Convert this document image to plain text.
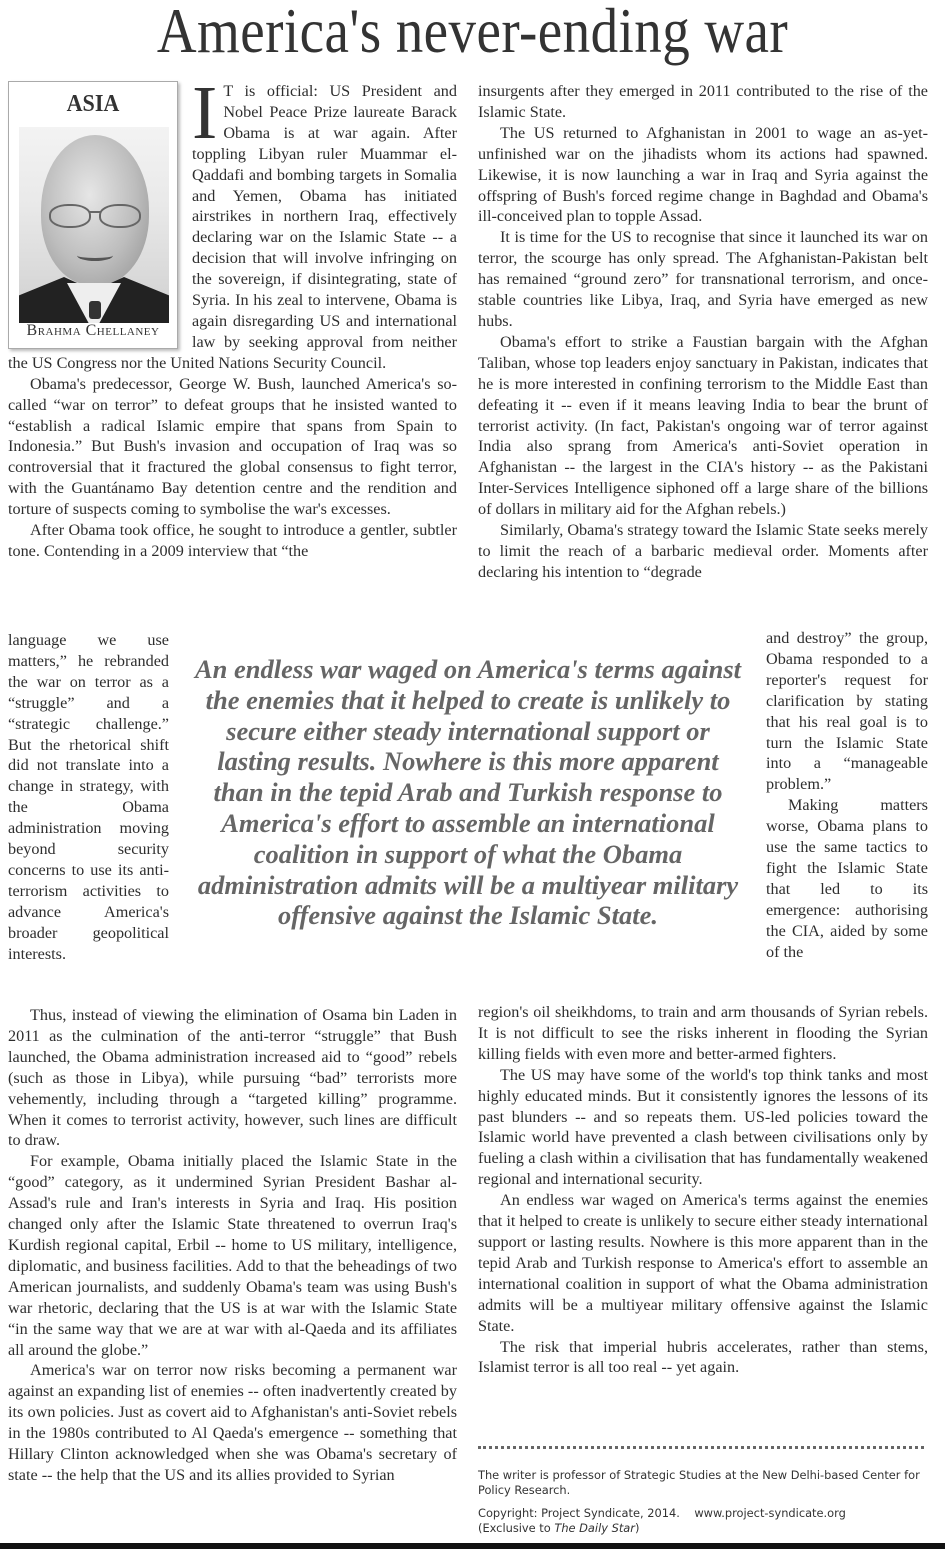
America's never-ending war
ASIA
Brahma Chellaney

I T is official: US President and Nobel Peace Prize laureate Barack Obama is at war again. After toppling Libyan ruler Muammar el-Qaddafi and bombing targets in Somalia and Yemen, Obama has initiated airstrikes in northern Iraq, effectively declaring war on the Islamic State -- a decision that will involve infringing on the sovereign, if disintegrating, state of Syria. In his zeal to intervene, Obama is again disregarding US and international law by seeking approval from neither the US Congress nor the United Nations Security Council.

Obama's predecessor, George W. Bush, launched America's so-called “war on terror” to defeat groups that he insisted wanted to “establish a radical Islamic empire that spans from Spain to Indonesia.” But Bush's invasion and occupation of Iraq was so controversial that it fractured the global consensus to fight terror, with the Guantánamo Bay detention centre and the rendition and torture of suspects coming to symbolise the war's excesses.

After Obama took office, he sought to introduce a gentler, subtler tone. Contending in a 2009 interview that “the

language we use matters,” he rebranded the war on terror as a “struggle” and a “strategic challenge.” But the rhetorical shift did not translate into a change in strategy, with the Obama administration moving beyond security concerns to use its anti-terrorism activities to advance America's broader geopolitical interests.

An endless war waged on America's terms against the enemies that it helped to create is unlikely to secure either steady international support or lasting results. Nowhere is this more apparent than in the tepid Arab and Turkish response to America's effort to assemble an international coalition in support of what the Obama administration admits will be a multiyear military offensive against the Islamic State.

insurgents after they emerged in 2011 contributed to the rise of the Islamic State.

The US returned to Afghanistan in 2001 to wage an as-yet-unfinished war on the jihadists whom its actions had spawned. Likewise, it is now launching a war in Iraq and Syria against the offspring of Bush's forced regime change in Baghdad and Obama's ill-conceived plan to topple Assad.

It is time for the US to recognise that since it launched its war on terror, the scourge has only spread. The Afghanistan-Pakistan belt has remained “ground zero” for transnational terrorism, and once-stable countries like Libya, Iraq, and Syria have emerged as new hubs.

Obama's effort to strike a Faustian bargain with the Afghan Taliban, whose top leaders enjoy sanctuary in Pakistan, indicates that he is more interested in confining terrorism to the Middle East than defeating it -- even if it means leaving India to bear the brunt of terrorist activity. (In fact, Pakistan's ongoing war of terror against India also sprang from America's anti-Soviet operation in Afghanistan -- the largest in the CIA's history -- as the Pakistani Inter-Services Intelligence siphoned off a large share of the billions of dollars in military aid for the Afghan rebels.)

Similarly, Obama's strategy toward the Islamic State seeks merely to limit the reach of a barbaric medieval order. Moments after declaring his intention to “degrade

and destroy” the group, Obama responded to a reporter's request for clarification by stating that his real goal is to turn the Islamic State into a “manageable problem.”

Making matters worse, Obama plans to use the same tactics to fight the Islamic State that led to its emergence: authorising the CIA, aided by some of the

Thus, instead of viewing the elimination of Osama bin Laden in 2011 as the culmination of the anti-terror “struggle” that Bush launched, the Obama administration increased aid to “good” rebels (such as those in Libya), while pursuing “bad” terrorists more vehemently, including through a “targeted killing” programme. When it comes to terrorist activity, however, such lines are difficult to draw.

For example, Obama initially placed the Islamic State in the “good” category, as it undermined Syrian President Bashar al-Assad's rule and Iran's interests in Syria and Iraq. His position changed only after the Islamic State threatened to overrun Iraq's Kurdish regional capital, Erbil -- home to US military, intelligence, diplomatic, and business facilities. Add to that the beheadings of two American journalists, and suddenly Obama's team was using Bush's war rhetoric, declaring that the US is at war with the Islamic State “in the same way that we are at war with al-Qaeda and its affiliates all around the globe.”

America's war on terror now risks becoming a permanent war against an expanding list of enemies -- often inadvertently created by its own policies. Just as covert aid to Afghanistan's anti-Soviet rebels in the 1980s contributed to Al Qaeda's emergence -- something that Hillary Clinton acknowledged when she was Obama's secretary of state -- the help that the US and its allies provided to Syrian

region's oil sheikhdoms, to train and arm thousands of Syrian rebels. It is not difficult to see the risks inherent in flooding the Syrian killing fields with even more and better-armed fighters.

The US may have some of the world's top think tanks and most highly educated minds. But it consistently ignores the lessons of its past blunders -- and so repeats them. US-led policies toward the Islamic world have prevented a clash between civilisations only by fueling a clash within a civilisation that has fundamentally weakened regional and international security.

An endless war waged on America's terms against the enemies that it helped to create is unlikely to secure either steady international support or lasting results. Nowhere is this more apparent than in the tepid Arab and Turkish response to America's effort to assemble an international coalition in support of what the Obama administration admits will be a multiyear military offensive against the Islamic State.

The risk that imperial hubris accelerates, rather than stems, Islamist terror is all too real -- yet again.

The writer is professor of Strategic Studies at the New Delhi-based Center for Policy Research.
Copyright: Project Syndicate, 2014. www.project-syndicate.org
(Exclusive to The Daily Star)
